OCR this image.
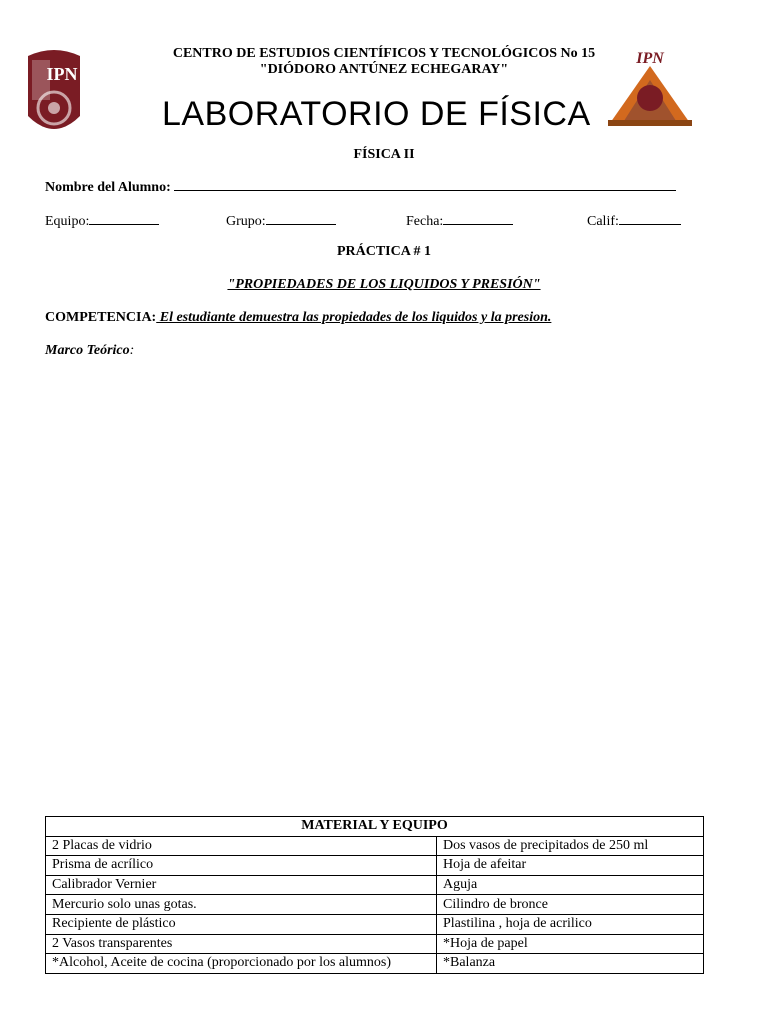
IPN
IPN
CENTRO DE ESTUDIOS CIENTÍFICOS Y TECNOLÓGICOS No 15
"DIÓDORO ANTÚNEZ ECHEGARAY"
LABORATORIO DE FÍSICA
FÍSICA II
Nombre del Alumno:
Equipo:	Grupo:	Fecha:	Calif:
PRÁCTICA # 1
"PROPIEDADES DE LOS LIQUIDOS Y PRESIÓN"
COMPETENCIA: El estudiante demuestra las propiedades de los liquidos y la presion.
Marco Teórico:
MATERIAL Y EQUIPO	
2 Placas de vidrio	Dos vasos de precipitados de 250 ml
Prisma de acrílico	Hoja de afeitar
Calibrador Vernier	Aguja
Mercurio solo unas gotas.	Cilindro de bronce
Recipiente de plástico	Plastilina , hoja de acrilico
2 Vasos transparentes	*Hoja de papel
*Alcohol, Aceite de cocina (proporcionado por los alumnos)	*Balanza
